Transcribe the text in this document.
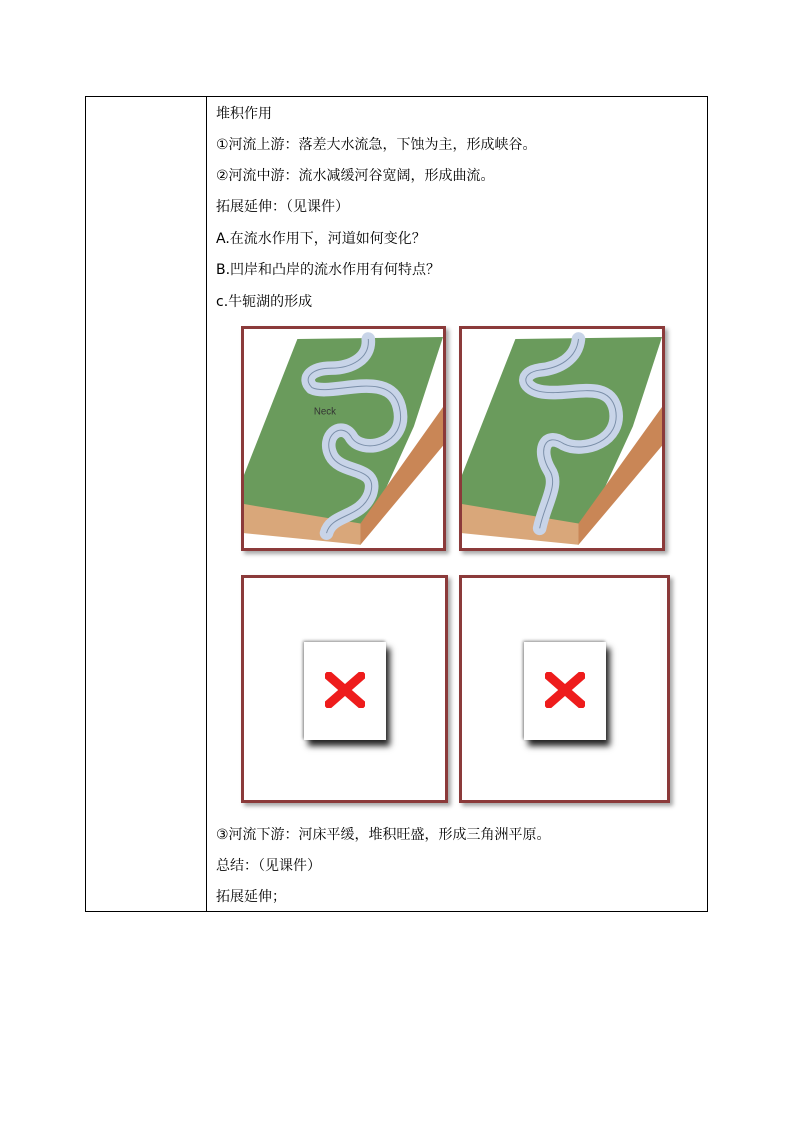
堆积作用
①河流上游：落差大水流急，下蚀为主，形成峡谷。
②河流中游：流水减缓河谷宽阔，形成曲流。
拓展延伸：（见课件）
A.在流水作用下，河道如何变化？
B.凹岸和凸岸的流水作用有何特点？
c.牛轭湖的形成
Neck
③河流下游：河床平缓，堆积旺盛，形成三角洲平原。
总结：（见课件）
拓展延伸；
